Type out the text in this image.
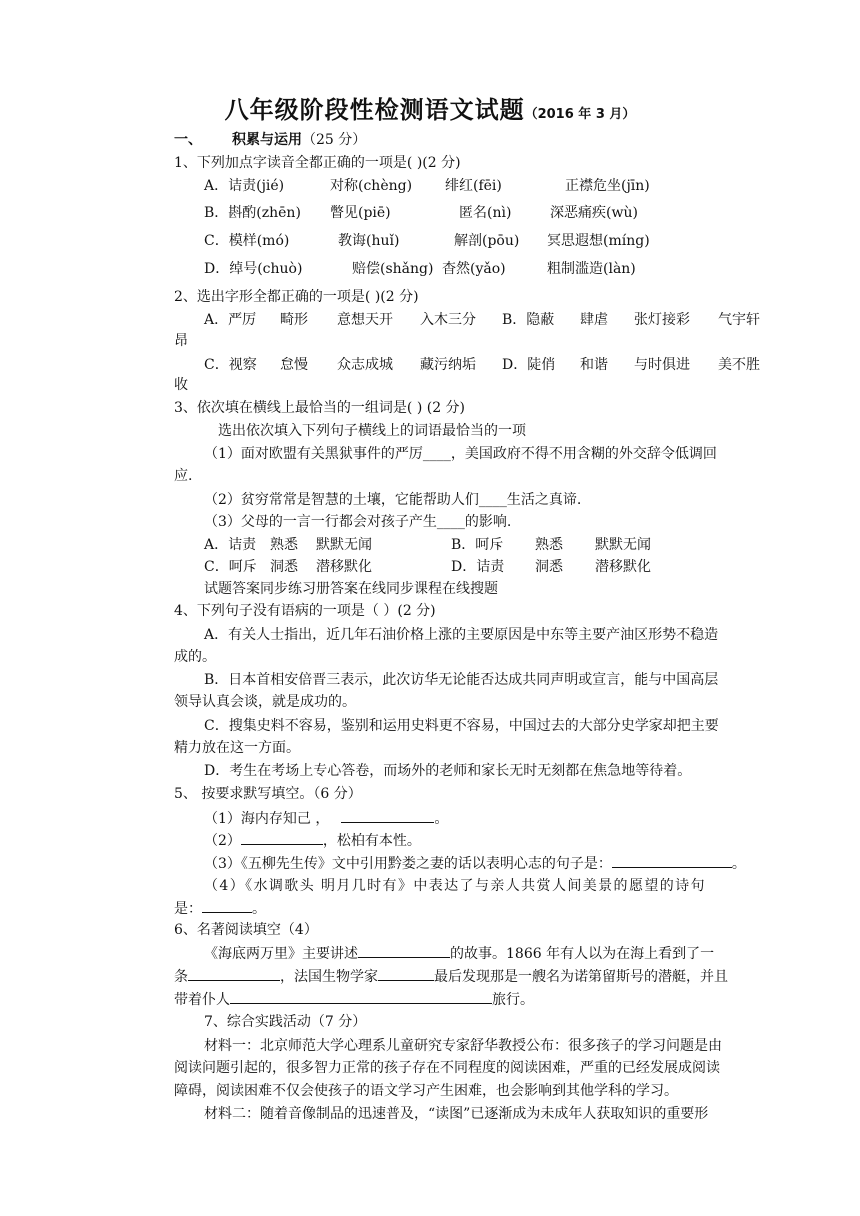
八年级阶段性检测语文试题（2016 年 3 月）
一、 积累与运用（25 分）
1、下列加点字读音全都正确的一项是( )(2 分)
A．诘责(jié)	对称(chèng) 绯红(fēi)	正襟危坐(jīn)
B．斟酌(zhēn) 瞥见(piē)	匿名(nì)	深恶痛疾(wù)
C．模样(mó)	教诲(huǐ)	解剖(pōu) 冥思遐想(míng)
D．绰号(chuò)	赔偿(shǎng) 杳然(yǎo)	粗制滥造(làn)
2、选出字形全都正确的一项是( )(2 分)
A．严厉 畸形 意想天开 入木三分 B．隐蔽 肆虐 张灯接彩 气宇轩
昂
C．视察 怠慢 众志成城 藏污纳垢 D．陡俏 和谐 与时俱进 美不胜
收
3、依次填在横线上最恰当的一组词是( ) (2 分)
选出依次填入下列句子横线上的词语最恰当的一项
（1）面对欧盟有关黑狱事件的严厉____，美国政府不得不用含糊的外交辞令低调回
应.
（2）贫穷常常是智慧的土壤，它能帮助人们____生活之真谛.
（3）父母的一言一行都会对孩子产生____的影响.
A．诘责 熟悉 默默无闻	B．呵斥 熟悉 默默无闻
C．呵斥 洞悉 潜移默化	D．诘责 洞悉 潜移默化
试题答案同步练习册答案在线同步课程在线搜题
4、下列句子没有语病的一项是（ ）(2 分)
A．有关人士指出，近几年石油价格上涨的主要原因是中东等主要产油区形势不稳造
成的。
B．日本首相安倍晋三表示，此次访华无论能否达成共同声明或宣言，能与中国高层
领导认真会谈，就是成功的。
C．搜集史料不容易，鉴别和运用史料更不容易，中国过去的大部分史学家却把主要
精力放在这一方面。
D．考生在考场上专心答卷，而场外的老师和家长无时无刻都在焦急地等待着。
5、 按要求默写填空。（6 分）
（1）海内存知己 ，	。
（2）	，松柏有本性。
（3）《五柳先生传》文中引用黔娄之妻的话以表明心志的句子是：	。
（4）《水调歌头 明月几时有》中表达了与亲人共赏人间美景的愿望的诗句
是：	。
6、名著阅读填空（4）
《海底两万里》主要讲述	的故事。1866 年有人以为在海上看到了一
条	，法国生物学家	最后发现那是一艘名为诺第留斯号的潜艇，并且
带着仆人	旅行。
7、综合实践活动（7 分）
材料一：北京师范大学心理系儿童研究专家舒华教授公布：很多孩子的学习问题是由
阅读问题引起的，很多智力正常的孩子存在不同程度的阅读困难，严重的已经发展成阅读
障碍，阅读困难不仅会使孩子的语文学习产生困难，也会影响到其他学科的学习。
材料二：随着音像制品的迅速普及，“读图”已逐渐成为未成年人获取知识的重要形
